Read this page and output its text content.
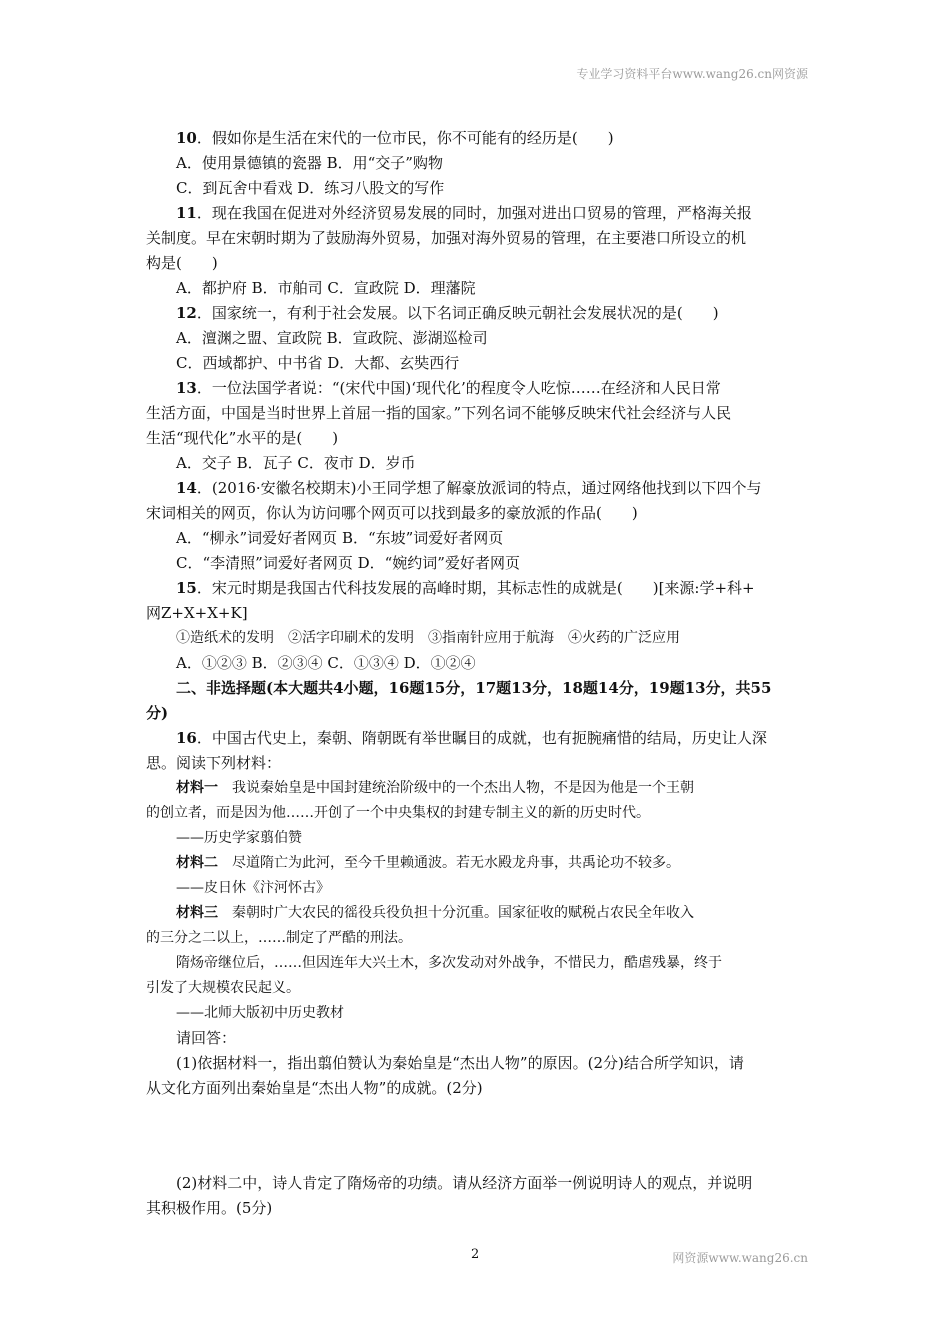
专业学习资料平台www.wang26.cn网资源

10．假如你是生活在宋代的一位市民，你不可能有的经历是(　　)

A．使用景德镇的瓷器 B．用“交子”购物

C．到瓦舍中看戏 D．练习八股文的写作

11．现在我国在促进对外经济贸易发展的同时，加强对进出口贸易的管理，严格海关报

关制度。早在宋朝时期为了鼓励海外贸易，加强对海外贸易的管理，在主要港口所设立的机

构是(　　)

A．都护府 B．市舶司 C．宣政院 D．理藩院

12．国家统一，有利于社会发展。以下名词正确反映元朝社会发展状况的是(　　)

A．澶渊之盟、宣政院 B．宣政院、澎湖巡检司

C．西域都护、中书省 D．大都、玄奘西行

13．一位法国学者说：“(宋代中国)‘现代化’的程度令人吃惊……在经济和人民日常

生活方面，中国是当时世界上首屈一指的国家。”下列名词不能够反映宋代社会经济与人民

生活“现代化”水平的是(　　)

A．交子 B．瓦子 C．夜市 D．岁币

14．(2016·安徽名校期末)小王同学想了解豪放派词的特点，通过网络他找到以下四个与

宋词相关的网页，你认为访问哪个网页可以找到最多的豪放派的作品(　　)

A．“柳永”词爱好者网页 B．“东坡”词爱好者网页

C．“李清照”词爱好者网页 D．“婉约词”爱好者网页

15．宋元时期是我国古代科技发展的高峰时期，其标志性的成就是(　　)[来源:学+科+

网Z+X+X+K]

①造纸术的发明　②活字印刷术的发明　③指南针应用于航海　④火药的广泛应用

A．①②③ B．②③④ C．①③④ D．①②④

二、非选择题(本大题共4小题，16题15分，17题13分，18题14分，19题13分，共55

分)

16．中国古代史上，秦朝、隋朝既有举世瞩目的成就，也有扼腕痛惜的结局，历史让人深

思。阅读下列材料：

材料一　我说秦始皇是中国封建统治阶级中的一个杰出人物，不是因为他是一个王朝

的创立者，而是因为他……开创了一个中央集权的封建专制主义的新的历史时代。

——历史学家翦伯赞

材料二　尽道隋亡为此河，至今千里赖通波。若无水殿龙舟事，共禹论功不较多。

——皮日休《汴河怀古》

材料三　秦朝时广大农民的徭役兵役负担十分沉重。国家征收的赋税占农民全年收入

的三分之二以上，……制定了严酷的刑法。

隋炀帝继位后，……但因连年大兴土木，多次发动对外战争，不惜民力，酷虐残暴，终于

引发了大规模农民起义。

——北师大版初中历史教材

请回答：

(1)依据材料一，指出翦伯赞认为秦始皇是“杰出人物”的原因。(2分)结合所学知识，请

从文化方面列出秦始皇是“杰出人物”的成就。(2分)

(2)材料二中，诗人肯定了隋炀帝的功绩。请从经济方面举一例说明诗人的观点，并说明

其积极作用。(5分)

2	网资源www.wang26.cn
